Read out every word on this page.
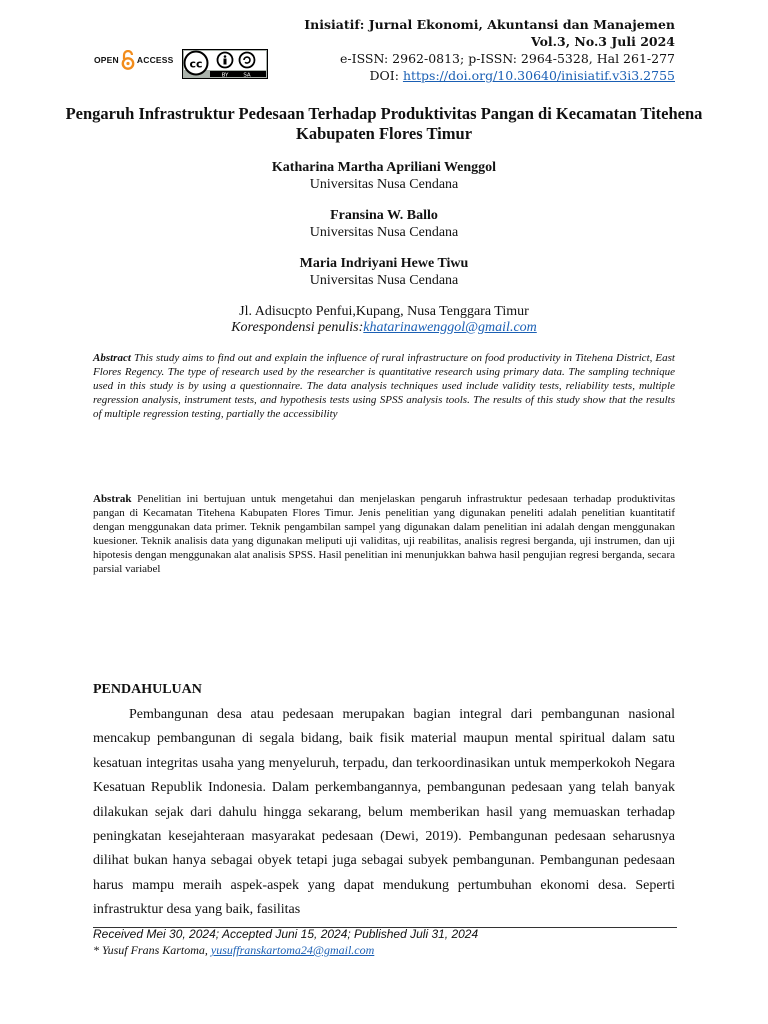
Inisiatif: Jurnal Ekonomi, Akuntansi dan Manajemen
Vol.3, No.3 Juli 2024
e-ISSN: 2962-0813; p-ISSN: 2964-5328, Hal 261-277
DOI: https://doi.org/10.30640/inisiatif.v3i3.2755
OPEN ACCESS cc
BY	SA
Pengaruh Infrastruktur Pedesaan Terhadap Produktivitas Pangan di Kecamatan Titehena Kabupaten Flores Timur
Katharina Martha Apriliani Wenggol
Universitas Nusa Cendana
Fransina W. Ballo
Universitas Nusa Cendana
Maria Indriyani Hewe Tiwu
Universitas Nusa Cendana
Jl. Adisucpto Penfui,Kupang, Nusa Tenggara Timur
Korespondensi penulis:khatarinawenggol@gmail.com
Abstract This study aims to find out and explain the influence of rural infrastructure on food productivity in Titehena District, East Flores Regency. The type of research used by the researcher is quantitative research using primary data. The sampling technique used in this study is by using a questionnaire. The data analysis techniques used include validity tests, reliability tests, multiple regression analysis, instrument tests, and hypothesis tests using SPSS analysis tools. The results of this study show that the results of multiple regression testing, partially the accessibility
Abstrak Penelitian ini bertujuan untuk mengetahui dan menjelaskan pengaruh infrastruktur pedesaan terhadap produktivitas pangan di Kecamatan Titehena Kabupaten Flores Timur. Jenis penelitian yang digunakan peneliti adalah penelitian kuantitatif dengan menggunakan data primer. Teknik pengambilan sampel yang digunakan dalam penelitian ini adalah dengan menggunakan kuesioner. Teknik analisis data yang digunakan meliputi uji validitas, uji reabilitas, analisis regresi berganda, uji instrumen, dan uji hipotesis dengan menggunakan alat analisis SPSS. Hasil penelitian ini menunjukkan bahwa hasil pengujian regresi berganda, secara parsial variabel
PENDAHULUAN

Pembangunan desa atau pedesaan merupakan bagian integral dari pembangunan nasional mencakup pembangunan di segala bidang, baik fisik material maupun mental spiritual dalam satu kesatuan integritas usaha yang menyeluruh, terpadu, dan terkoordinasikan untuk memperkokoh Negara Kesatuan Republik Indonesia. Dalam perkembangannya, pembangunan pedesaan yang telah banyak dilakukan sejak dari dahulu hingga sekarang, belum memberikan hasil yang memuaskan terhadap peningkatan kesejahteraan masyarakat pedesaan (Dewi, 2019). Pembangunan pedesaan seharusnya dilihat bukan hanya sebagai obyek tetapi juga sebagai subyek pembangunan. Pembangunan pedesaan harus mampu meraih aspek-aspek yang dapat mendukung pertumbuhan ekonomi desa. Seperti infrastruktur desa yang baik, fasilitas

Received Mei 30, 2024; Accepted Juni 15, 2024; Published Juli 31, 2024
* Yusuf Frans Kartoma, yusuffranskartoma24@gmail.com
